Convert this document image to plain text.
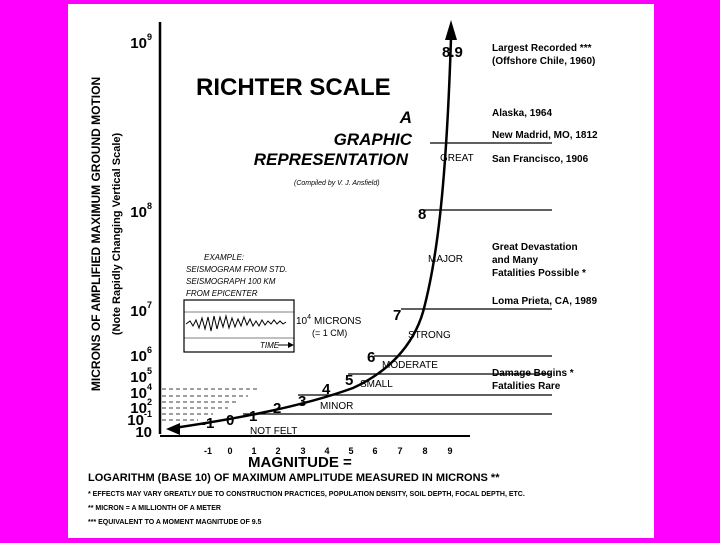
MICRONS OF AMPLIFIED MAXIMUM GROUND MOTION (Note Rapidly Changing Vertical Scale)
$10^9$
$10^8$
$10^7$
$10^6$
$10^5$
$10^4$
$10^2$
$10^{-1}$
10
-1 0 1 2 3
4
5
6
7
8
8.9
GREAT
MAJOR
STRONG
MODERATE
SMALL
MINOR
NOT FELT
RICHTER SCALE
A
GRAPHIC
REPRESENTATION
(Compiled by V. J. Ansfield)
EXAMPLE:
SEISMOGRAM FROM STD.
SEISMOGRAPH 100 KM
FROM EPICENTER
TIME
$10^4$ MICRONS
(= 1 CM)
-1 0 1 2 3 4 5 6 7 8 9
MAGNITUDE =
LOGARITHM (BASE 10) OF MAXIMUM AMPLITUDE MEASURED IN MICRONS **
* EFFECTS MAY VARY GREATLY DUE TO CONSTRUCTION PRACTICES, POPULATION DENSITY, SOIL DEPTH, FOCAL DEPTH, ETC.
** MICRON = A MILLIONTH OF A METER
*** EQUIVALENT TO A MOMENT MAGNITUDE OF 9.5
Largest Recorded ***
(Offshore Chile, 1960)
Alaska, 1964
New Madrid, MO, 1812
San Francisco, 1906
Great Devastation
and Many
Fatalities Possible *
Loma Prieta, CA, 1989
Damage Begins *
Fatalities Rare
